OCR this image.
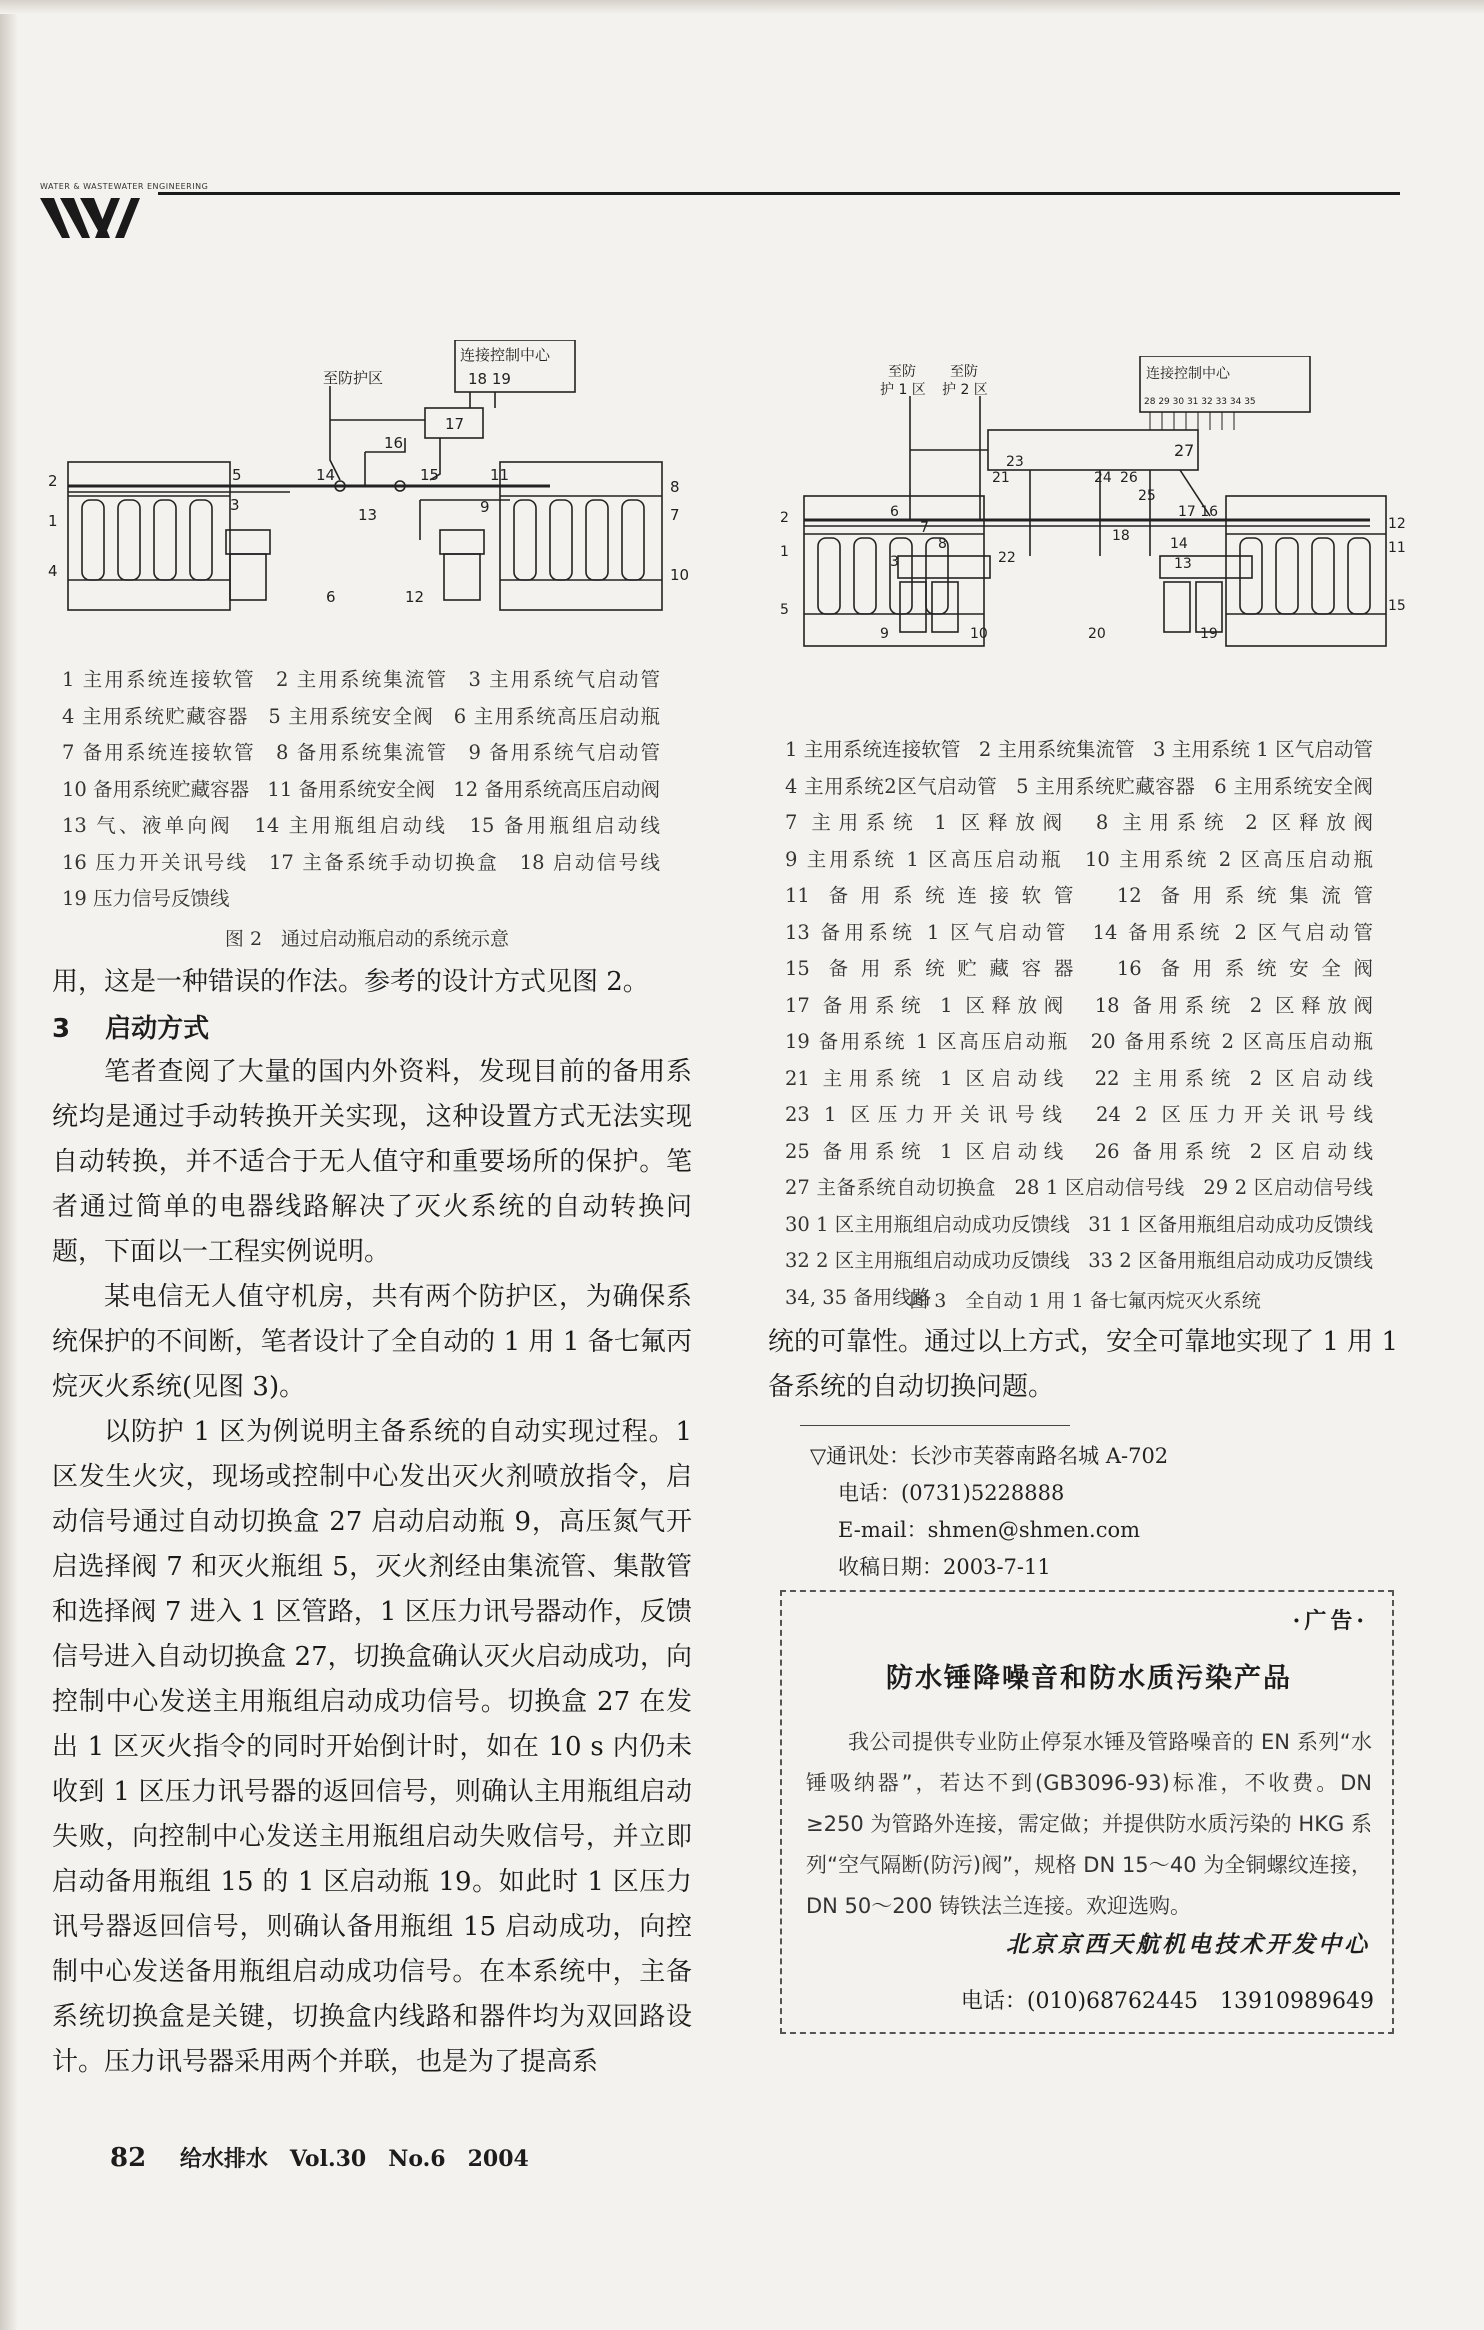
WATER & WASTEWATER ENGINEERING
至防护区
连接控制中心
18 19
1
2
3
4
5
6
7
8
9
10
11
12
13
14	15
16
17
1 主用系统连接软管 2 主用系统集流管 3 主用系统气启动管 4 主用系统贮藏容器 5 主用系统安全阀 6 主用系统高压启动瓶 7 备用系统连接软管 8 备用系统集流管 9 备用系统气启动管 10 备用系统贮藏容器 11 备用系统安全阀 12 备用系统高压启动阀 13 气、液单向阀 14 主用瓶组启动线 15 备用瓶组启动线 16 压力开关讯号线 17 主备系统手动切换盒 18 启动信号线 19 压力信号反馈线
图 2　通过启动瓶启动的系统示意

用，这是一种错误的作法。参考的设计方式见图 2。

3 启动方式

笔者查阅了大量的国内外资料，发现目前的备用系统均是通过手动转换开关实现，这种设置方式无法实现自动转换，并不适合于无人值守和重要场所的保护。笔者通过简单的电器线路解决了灭火系统的自动转换问题，下面以一工程实例说明。

某电信无人值守机房，共有两个防护区，为确保系统保护的不间断，笔者设计了全自动的 1 用 1 备七氟丙烷灭火系统(见图 3)。

以防护 1 区为例说明主备系统的自动实现过程。1 区发生火灾，现场或控制中心发出灭火剂喷放指令，启动信号通过自动切换盒 27 启动启动瓶 9，高压氮气开启选择阀 7 和灭火瓶组 5，灭火剂经由集流管、集散管和选择阀 7 进入 1 区管路，1 区压力讯号器动作，反馈信号进入自动切换盒 27，切换盒确认灭火启动成功，向控制中心发送主用瓶组启动成功信号。切换盒 27 在发出 1 区灭火指令的同时开始倒计时，如在 10 s 内仍未收到 1 区压力讯号器的返回信号，则确认主用瓶组启动失败，向控制中心发送主用瓶组启动失败信号，并立即启动备用瓶组 15 的 1 区启动瓶 19。如此时 1 区压力讯号器返回信号，则确认备用瓶组 15 启动成功，向控制中心发送备用瓶组启动成功信号。在本系统中，主备系统切换盒是关键，切换盒内线路和器件均为双回路设计。压力讯号器采用两个并联，也是为了提高系

至防
护 1 区
至防
护 2 区
连接控制中心
28 29 30 31 32 33 34 35
1
2
3
5
6
7
8
9	10
11
12
13
14
15
17 16
18
19
20
21
22
23
24
25
26
27
1 主用系统连接软管 2 主用系统集流管 3 主用系统 1 区气启动管 4 主用系统2区气启动管 5 主用系统贮藏容器 6 主用系统安全阀 7 主用系统 1 区释放阀 8 主用系统 2 区释放阀 9 主用系统 1 区高压启动瓶 10 主用系统 2 区高压启动瓶 11 备用系统连接软管 12 备用系统集流管 13 备用系统 1 区气启动管 14 备用系统 2 区气启动管 15 备用系统贮藏容器 16 备用系统安全阀 17 备用系统 1 区释放阀 18 备用系统 2 区释放阀 19 备用系统 1 区高压启动瓶 20 备用系统 2 区高压启动瓶 21 主用系统 1 区启动线 22 主用系统 2 区启动线 23 1 区压力开关讯号线 24 2 区压力开关讯号线 25 备用系统 1 区启动线 26 备用系统 2 区启动线 27 主备系统自动切换盒 28 1 区启动信号线 29 2 区启动信号线 30 1 区主用瓶组启动成功反馈线 31 1 区备用瓶组启动成功反馈线 32 2 区主用瓶组启动成功反馈线 33 2 区备用瓶组启动成功反馈线 34, 35 备用线路
图 3　全自动 1 用 1 备七氟丙烷灭火系统

统的可靠性。通过以上方式，安全可靠地实现了 1 用 1 备系统的自动切换问题。

▽通讯处：长沙市芙蓉南路名城 A-702
电话：(0731)5228888
E-mail：shmen@shmen.com
收稿日期：2003-7-11
·广告·
防水锤降噪音和防水质污染产品
我公司提供专业防止停泵水锤及管路噪音的 EN 系列“水锤吸纳器”，若达不到(GB3096-93)标准，不收费。DN ≥250 为管路外连接，需定做；并提供防水质污染的 HKG 系列“空气隔断(防污)阀”，规格 DN 15～40 为全铜螺纹连接，DN 50～200 铸铁法兰连接。欢迎选购。
北京京西天航机电技术开发中心
电话：(010)68762445　13910989649
82 给水排水　Vol.30　No.6　2004
